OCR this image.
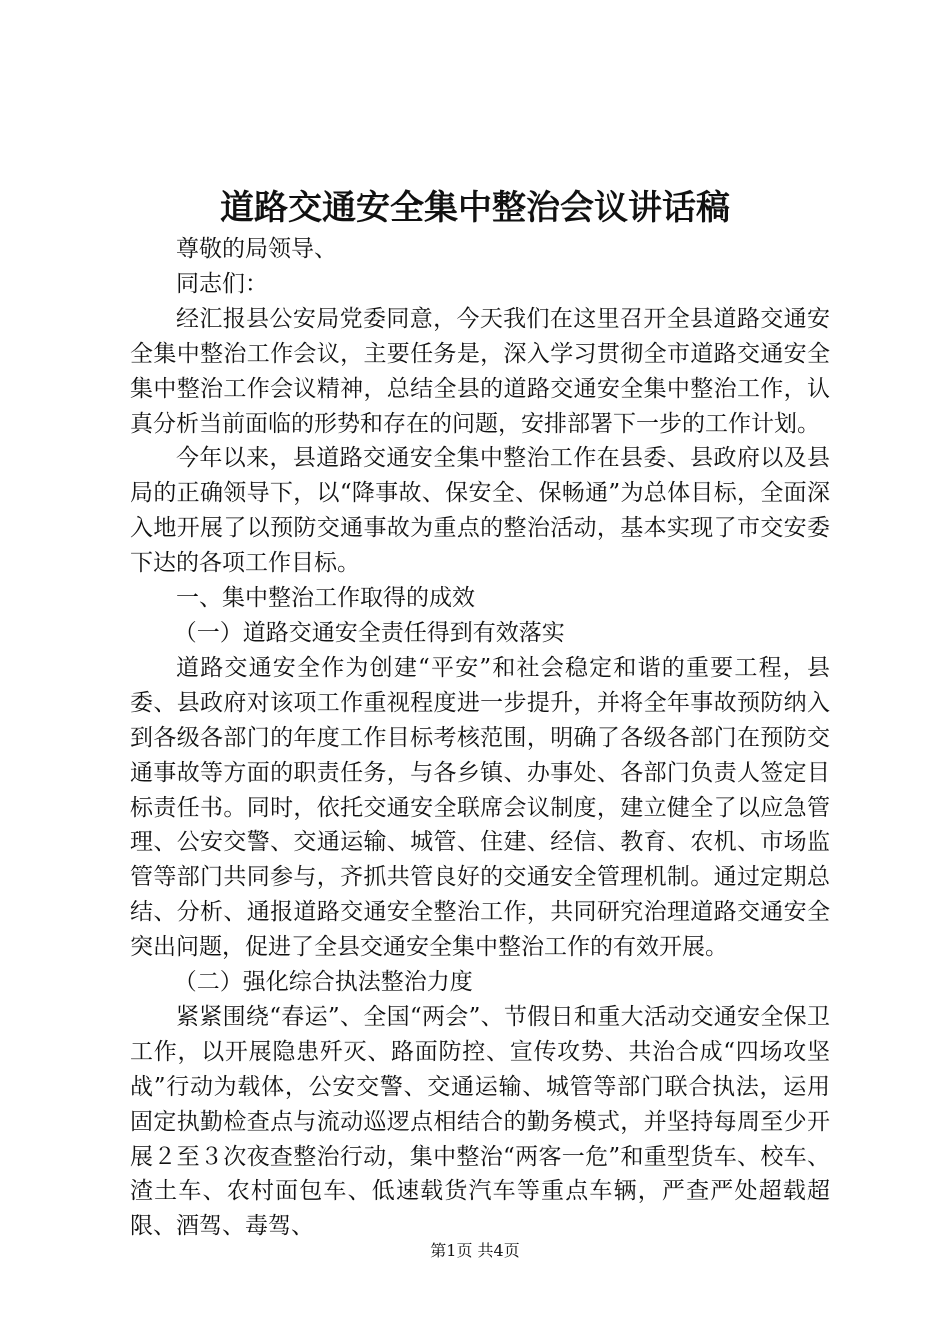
道路交通安全集中整治会议讲话稿

尊敬的局领导、

同志们：

经汇报县公安局党委同意，今天我们在这里召开全县道路交通安全集中整治工作会议，主要任务是，深入学习贯彻全市道路交通安全集中整治工作会议精神，总结全县的道路交通安全集中整治工作，认真分析当前面临的形势和存在的问题，安排部署下一步的工作计划。

今年以来，县道路交通安全集中整治工作在县委、县政府以及县局的正确领导下，以“降事故、保安全、保畅通”为总体目标，全面深入地开展了以预防交通事故为重点的整治活动，基本实现了市交安委下达的各项工作目标。

一、集中整治工作取得的成效

（一）道路交通安全责任得到有效落实

道路交通安全作为创建“平安”和社会稳定和谐的重要工程，县委、县政府对该项工作重视程度进一步提升，并将全年事故预防纳入到各级各部门的年度工作目标考核范围，明确了各级各部门在预防交通事故等方面的职责任务，与各乡镇、办事处、各部门负责人签定目标责任书。同时，依托交通安全联席会议制度，建立健全了以应急管理、公安交警、交通运输、城管、住建、经信、教育、农机、市场监管等部门共同参与，齐抓共管良好的交通安全管理机制。通过定期总结、分析、通报道路交通安全整治工作，共同研究治理道路交通安全突出问题，促进了全县交通安全集中整治工作的有效开展。

（二）强化综合执法整治力度

紧紧围绕“春运”、全国“两会”、节假日和重大活动交通安全保卫工作，以开展隐患歼灭、路面防控、宣传攻势、共治合成“四场攻坚战”行动为载体，公安交警、交通运输、城管等部门联合执法，运用固定执勤检查点与流动巡逻点相结合的勤务模式，并坚持每周至少开展２至３次夜查整治行动，集中整治“两客一危”和重型货车、校车、渣土车、农村面包车、低速载货汽车等重点车辆，严查严处超载超限、酒驾、毒驾、

第1页 共4页
